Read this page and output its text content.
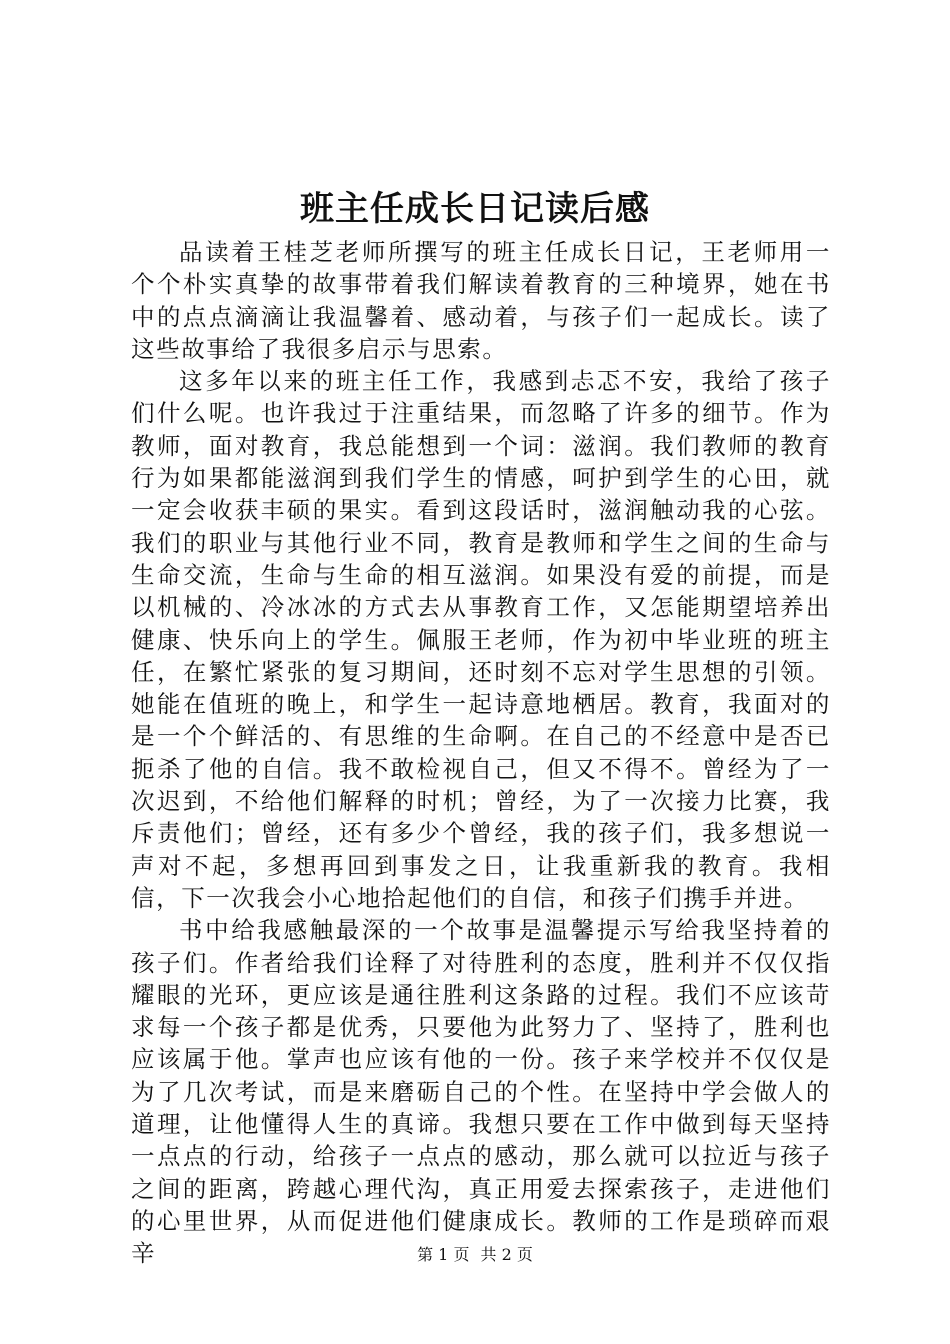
班主任成长日记读后感

品读着王桂芝老师所撰写的班主任成长日记，王老师用一个个朴实真挚的故事带着我们解读着教育的三种境界，她在书中的点点滴滴让我温馨着、感动着，与孩子们一起成长。读了这些故事给了我很多启示与思索。

这多年以来的班主任工作，我感到忐忑不安，我给了孩子们什么呢。也许我过于注重结果，而忽略了许多的细节。作为教师，面对教育，我总能想到一个词：滋润。我们教师的教育行为如果都能滋润到我们学生的情感，呵护到学生的心田，就一定会收获丰硕的果实。看到这段话时，滋润触动我的心弦。我们的职业与其他行业不同，教育是教师和学生之间的生命与生命交流，生命与生命的相互滋润。如果没有爱的前提，而是以机械的、冷冰冰的方式去从事教育工作，又怎能期望培养出健康、快乐向上的学生。佩服王老师，作为初中毕业班的班主任，在繁忙紧张的复习期间，还时刻不忘对学生思想的引领。她能在值班的晚上，和学生一起诗意地栖居。教育，我面对的是一个个鲜活的、有思维的生命啊。在自己的不经意中是否已扼杀了他的自信。我不敢检视自己，但又不得不。曾经为了一次迟到，不给他们解释的时机；曾经，为了一次接力比赛，我斥责他们；曾经，还有多少个曾经，我的孩子们，我多想说一声对不起，多想再回到事发之日，让我重新我的教育。我相信，下一次我会小心地拾起他们的自信，和孩子们携手并进。

书中给我感触最深的一个故事是温馨提示写给我坚持着的孩子们。作者给我们诠释了对待胜利的态度，胜利并不仅仅指耀眼的光环，更应该是通往胜利这条路的过程。我们不应该苛求每一个孩子都是优秀，只要他为此努力了、坚持了，胜利也应该属于他。掌声也应该有他的一份。孩子来学校并不仅仅是为了几次考试，而是来磨砺自己的个性。在坚持中学会做人的道理，让他懂得人生的真谛。我想只要在工作中做到每天坚持一点点的行动，给孩子一点点的感动，那么就可以拉近与孩子之间的距离，跨越心理代沟，真正用爱去探索孩子，走进他们的心里世界，从而促进他们健康成长。教师的工作是琐碎而艰辛	第 1 页 共 2 页
